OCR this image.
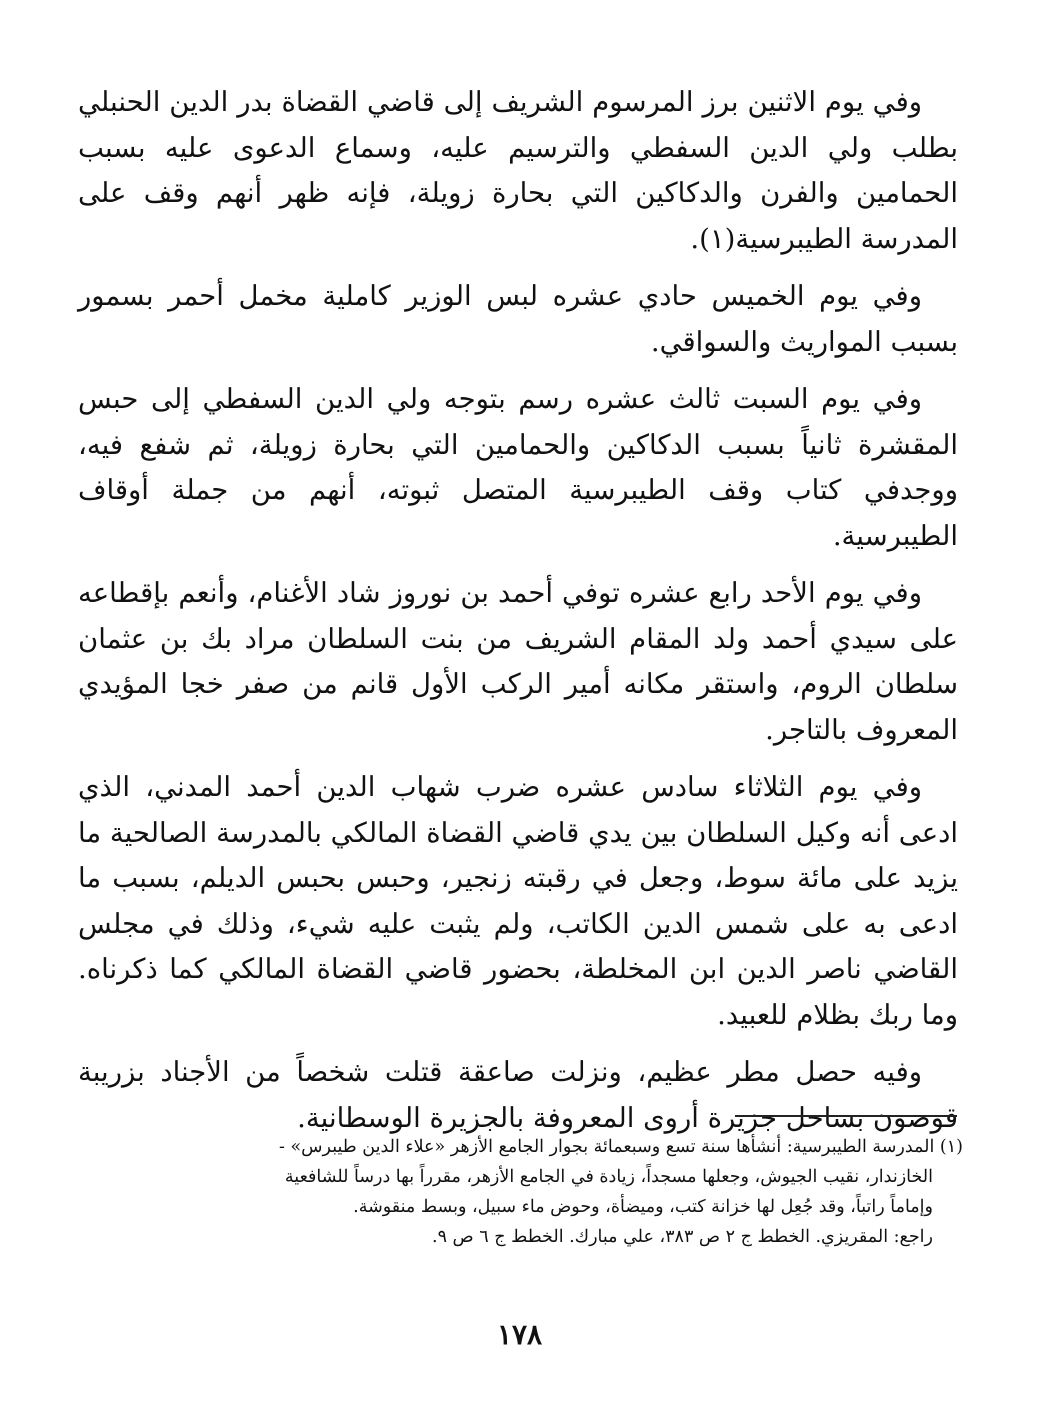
وفي يوم الاثنين برز المرسوم الشريف إلى قاضي القضاة بدر الدين الحنبلي بطلب ولي الدين السفطي والترسيم عليه، وسماع الدعوى عليه بسبب الحمامين والفرن والدكاكين التي بحارة زويلة، فإنه ظهر أنهم وقف على المدرسة الطيبرسية(١).

وفي يوم الخميس حادي عشره لبس الوزير كاملية مخمل أحمر بسمور بسبب المواريث والسواقي.

وفي يوم السبت ثالث عشره رسم بتوجه ولي الدين السفطي إلى حبس المقشرة ثانياً بسبب الدكاكين والحمامين التي بحارة زويلة، ثم شفع فيه، ووجدفي كتاب وقف الطيبرسية المتصل ثبوته، أنهم من جملة أوقاف الطيبرسية.

وفي يوم الأحد رابع عشره توفي أحمد بن نوروز شاد الأغنام، وأنعم بإقطاعه على سيدي أحمد ولد المقام الشريف من بنت السلطان مراد بك بن عثمان سلطان الروم، واستقر مكانه أمير الركب الأول قانم من صفر خجا المؤيدي المعروف بالتاجر.

وفي يوم الثلاثاء سادس عشره ضرب شهاب الدين أحمد المدني، الذي ادعى أنه وكيل السلطان بين يدي قاضي القضاة المالكي بالمدرسة الصالحية ما يزيد على مائة سوط، وجعل في رقبته زنجير، وحبس بحبس الديلم، بسبب ما ادعى به على شمس الدين الكاتب، ولم يثبت عليه شيء، وذلك في مجلس القاضي ناصر الدين ابن المخلطة، بحضور قاضي القضاة المالكي كما ذكرناه. وما ربك بظلام للعبيد.

وفيه حصل مطر عظيم، ونزلت صاعقة قتلت شخصاً من الأجناد بزريبة قوصون بساحل جزيرة أروى المعروفة بالجزيرة الوسطانية.

(١) المدرسة الطيبرسية: أنشأها سنة تسع وسبعمائة بجوار الجامع الأزهر «علاء الدين طيبرس» -
الخازندار، نقيب الجيوش، وجعلها مسجداً، زيادة في الجامع الأزهر، مقرراً بها درساً للشافعية
وإماماً راتباً، وقد جُعِل لها خزانة كتب، وميضأة، وحوض ماء سبيل، وبسط منقوشة.
راجع: المقريزي. الخطط ج ٢ ص ٣٨٣، علي مبارك. الخطط ج ٦ ص ٩.
١٧٨
